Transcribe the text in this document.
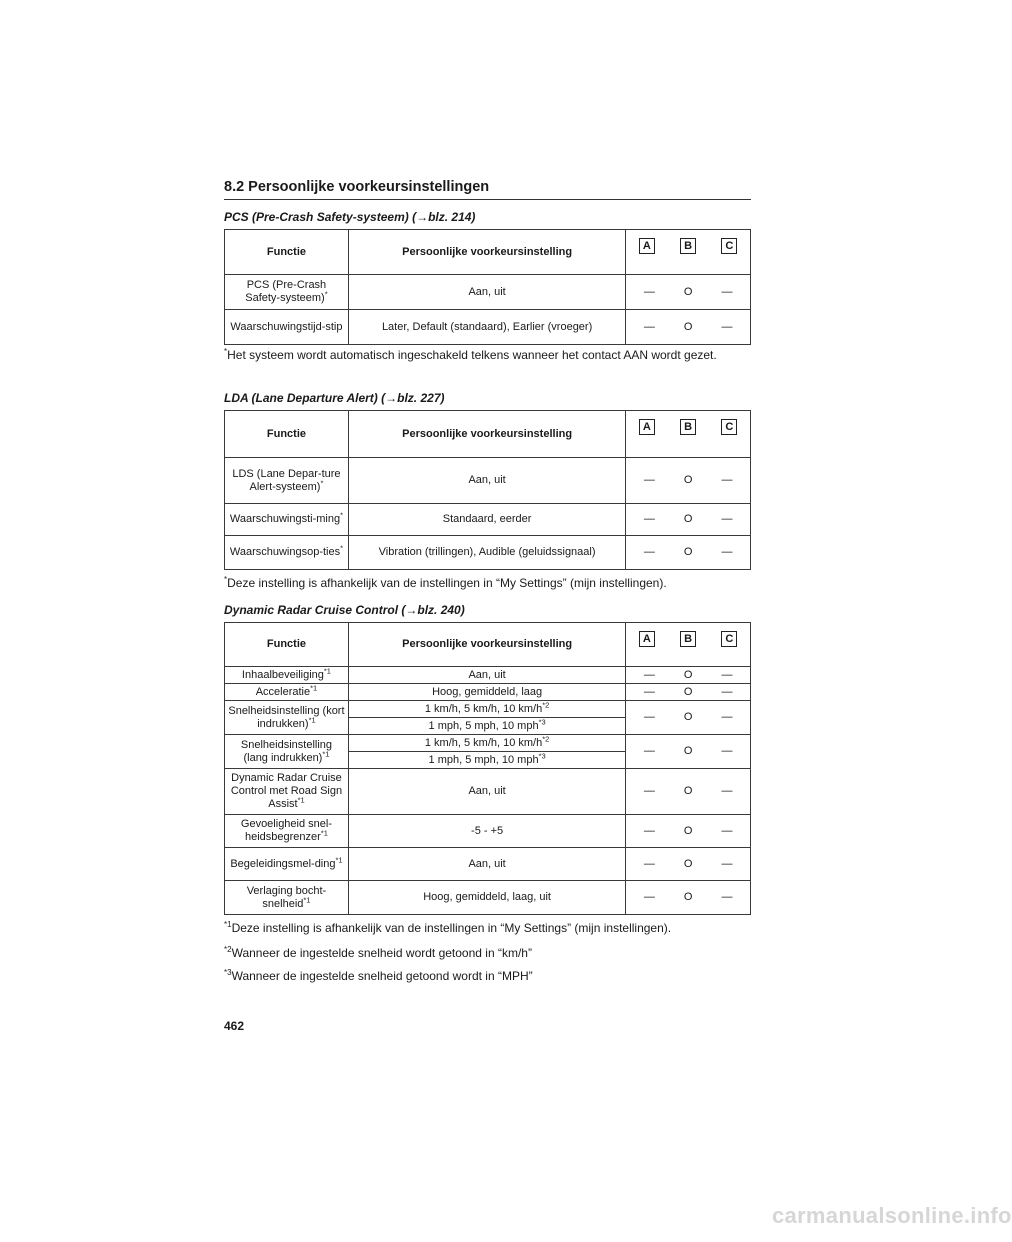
8.2 Persoonlijke voorkeursinstellingen
PCS (Pre-Crash Safety-systeem) (→blz. 214)
Functie	Persoonlijke voorkeursinstelling	A B C

PCS (Pre-Crash Safety-systeem)*	Aan, uit	— O —

Waarschuwingstijd-stip	Later, Default (standaard), Earlier (vroeger)	— O —
*Het systeem wordt automatisch ingeschakeld telkens wanneer het contact AAN wordt gezet.
LDA (Lane Departure Alert) (→blz. 227)
Functie	Persoonlijke voorkeursinstelling	A B C

LDS (Lane Depar-ture Alert-systeem)*	Aan, uit	— O —

Waarschuwingsti-ming*	Standaard, eerder	— O —

Waarschuwingsop-ties*	Vibration (trillingen), Audible (geluidssignaal)	— O —
*Deze instelling is afhankelijk van de instellingen in “My Settings” (mijn instellingen).
Dynamic Radar Cruise Control (→blz. 240)
Functie	Persoonlijke voorkeursinstelling	A B C

Inhaalbeveiliging$^{*1}$	Aan, uit	— O —

Acceleratie$^{*1}$	Hoog, gemiddeld, laag	— O —

Snelheidsinstelling (kort indrukken)$^{*1}$	1 km/h, 5 km/h, 10 $km/h^{*2}$	— O —

	1 mph, 5 mph, 10 mph$^{*3}$
Snelheidsinstelling (lang indrukken)$^{*1}$	1 km/h, 5 km/h, 10 $km/h^{*2}$	— O —

	1 mph, 5 mph, 10 mph$^{*3}$
Dynamic Radar Cruise Control met Road Sign Assist$^{*1}$	Aan, uit	— O —

Gevoeligheid snel-heidsbegrenzer$^{*1}$	-5 - +5	— O —

Begeleidingsmel-ding$^{*1}$	Aan, uit	— O —

Verlaging bocht-snelheid$^{*1}$	Hoog, gemiddeld, laag, uit	— O —
$^{*1}$Deze instelling is afhankelijk van de instellingen in “My Settings” (mijn instellingen).
$^{*2}$Wanneer de ingestelde snelheid wordt getoond in “km/h”
$^{*3}$Wanneer de ingestelde snelheid getoond wordt in “MPH”
462
carmanualsonline.info
